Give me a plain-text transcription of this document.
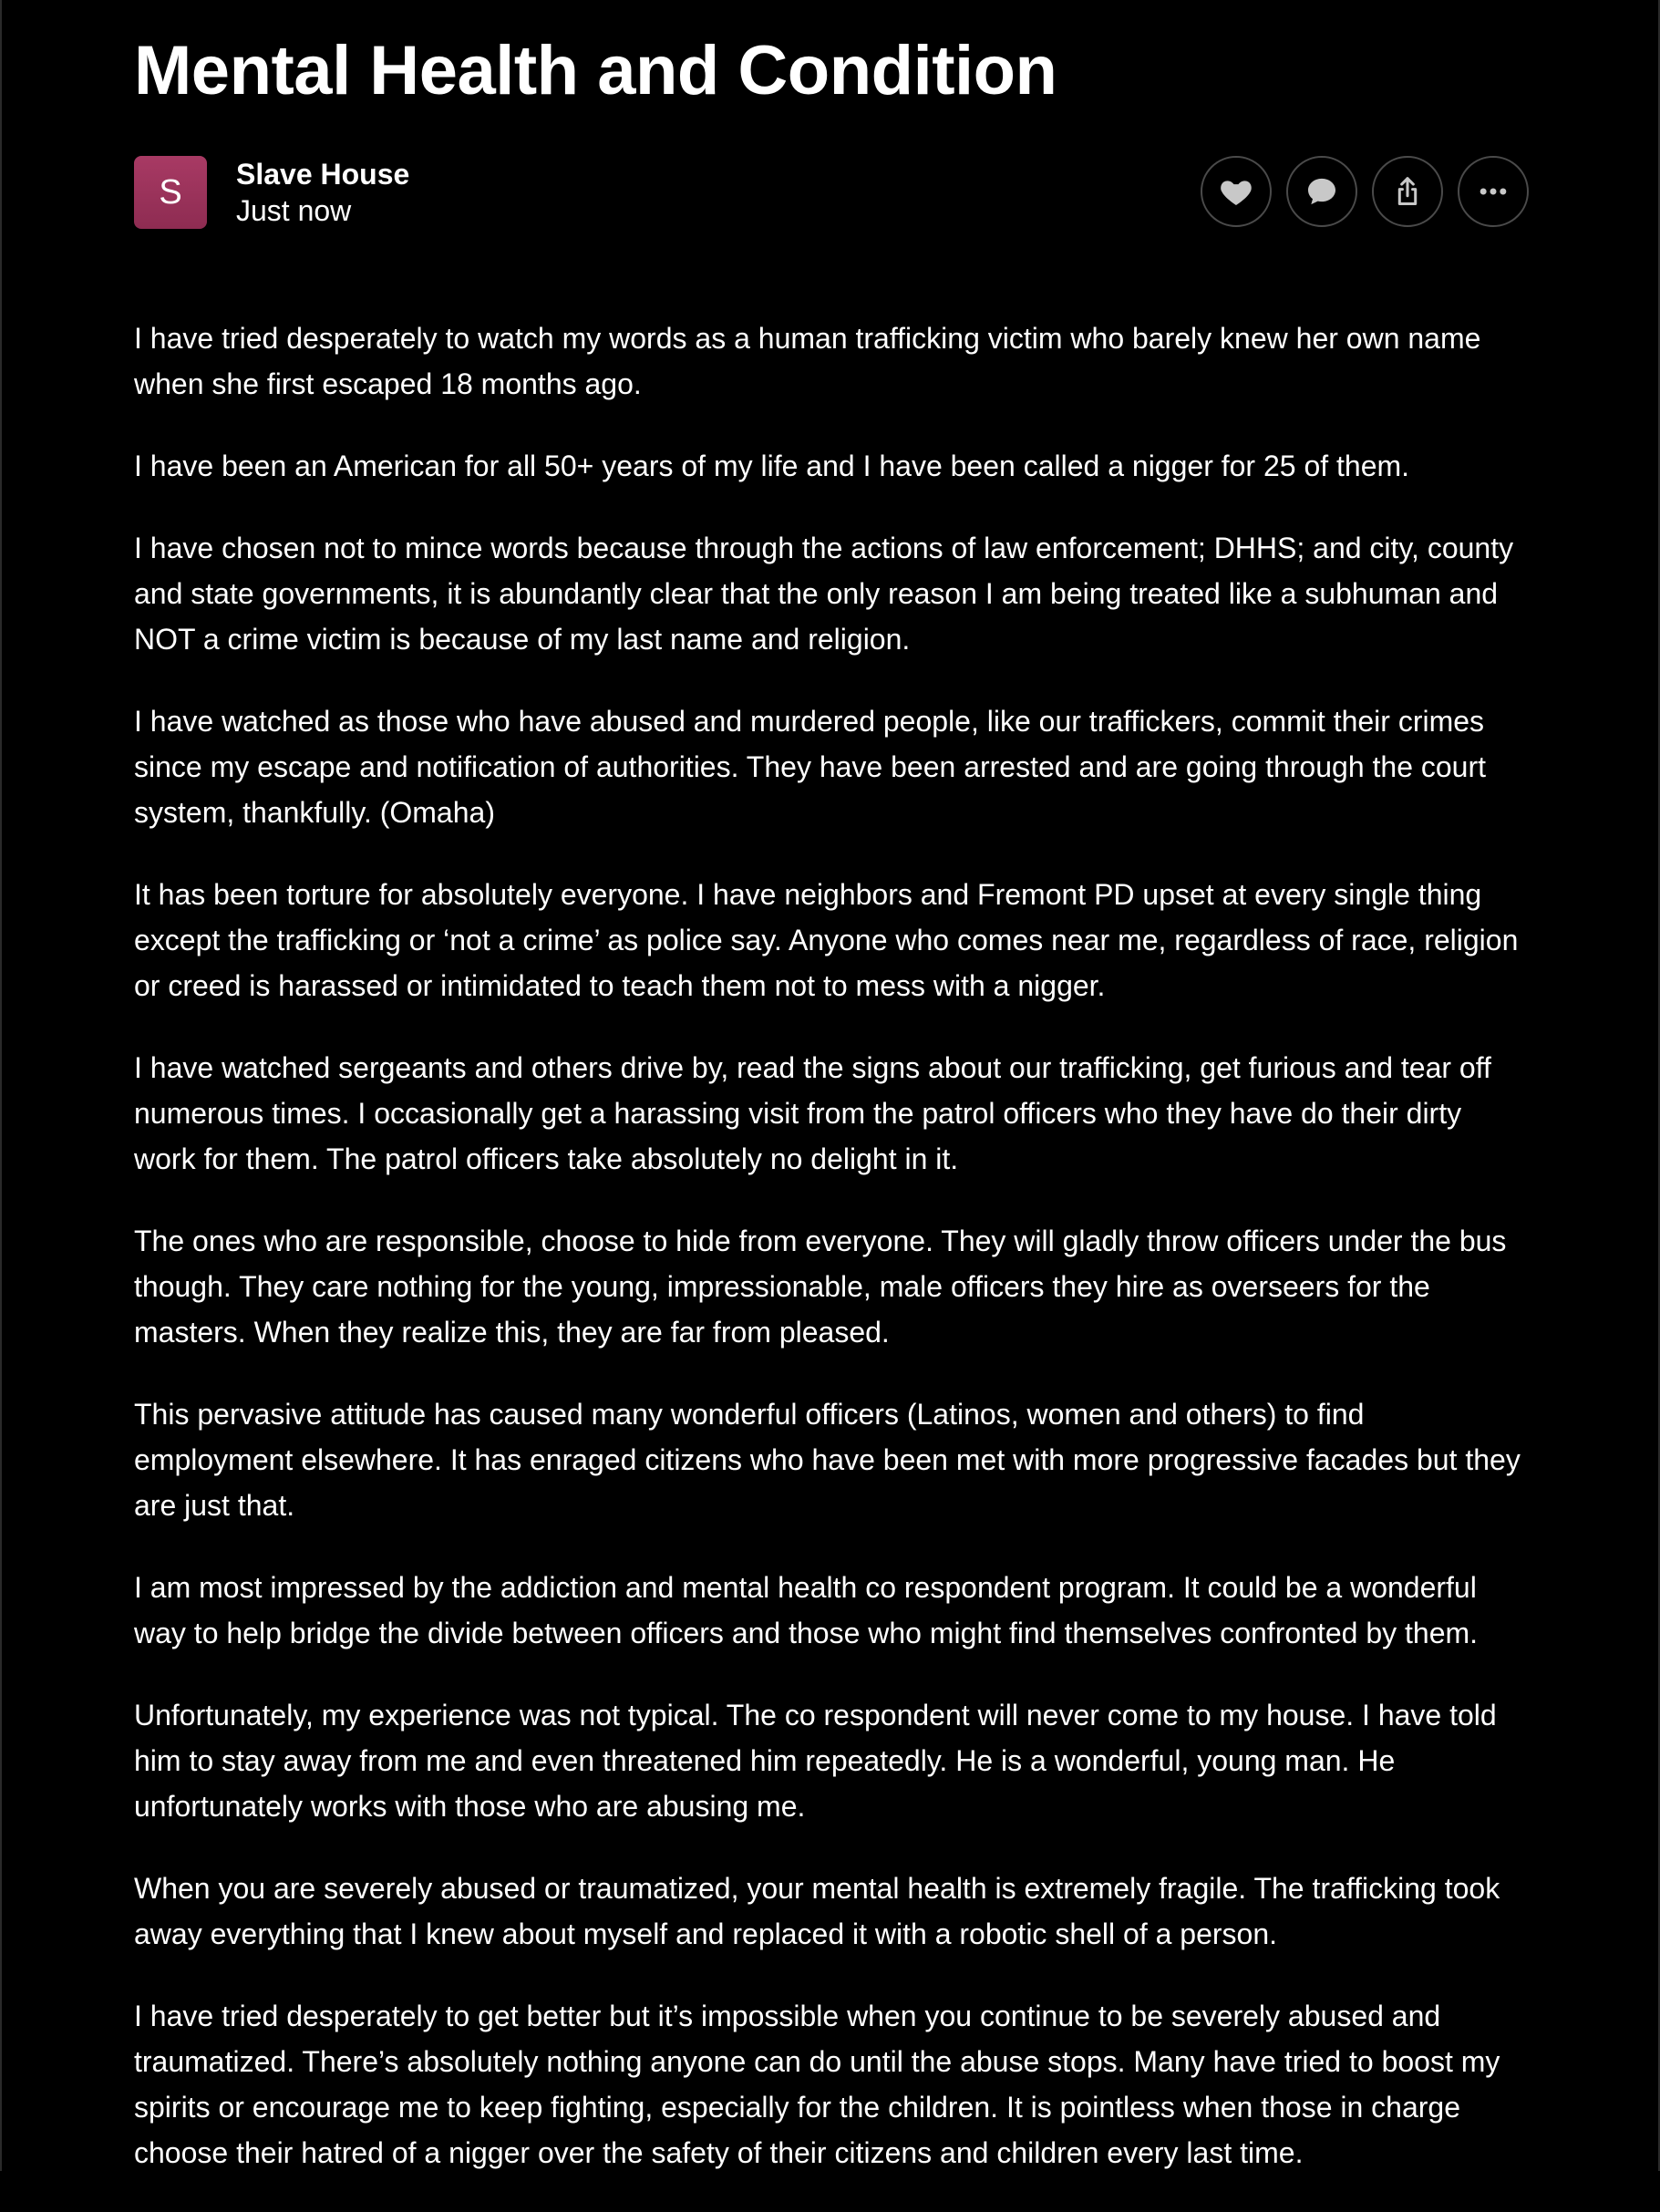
Mental Health and Condition
S	Slave House
Just now

I have tried desperately to watch my words as a human trafficking victim who barely knew her own name when she first escaped 18 months ago.

I have been an American for all 50+ years of my life and I have been called a nigger for 25 of them.

I have chosen not to mince words because through the actions of law enforcement; DHHS; and city, county and state governments, it is abundantly clear that the only reason I am being treated like a subhuman and NOT a crime victim is because of my last name and religion.

I have watched as those who have abused and murdered people, like our traffickers, commit their crimes since my escape and notification of authorities. They have been arrested and are going through the court system, thankfully. (Omaha)

It has been torture for absolutely everyone. I have neighbors and Fremont PD upset at every single thing except the trafficking or ‘not a crime’ as police say. Anyone who comes near me, regardless of race, religion or creed is harassed or intimidated to teach them not to mess with a nigger.

I have watched sergeants and others drive by, read the signs about our trafficking, get furious and tear off numerous times. I occasionally get a harassing visit from the patrol officers who they have do their dirty work for them. The patrol officers take absolutely no delight in it.

The ones who are responsible, choose to hide from everyone. They will gladly throw officers under the bus though. They care nothing for the young, impressionable, male officers they hire as overseers for the masters. When they realize this, they are far from pleased.

This pervasive attitude has caused many wonderful officers (Latinos, women and others) to find employment elsewhere. It has enraged citizens who have been met with more progressive facades but they are just that.

I am most impressed by the addiction and mental health co respondent program. It could be a wonderful way to help bridge the divide between officers and those who might find themselves confronted by them.

Unfortunately, my experience was not typical. The co respondent will never come to my house. I have told him to stay away from me and even threatened him repeatedly. He is a wonderful, young man. He unfortunately works with those who are abusing me.

When you are severely abused or traumatized, your mental health is extremely fragile. The trafficking took away everything that I knew about myself and replaced it with a robotic shell of a person.

I have tried desperately to get better but it’s impossible when you continue to be severely abused and traumatized. There’s absolutely nothing anyone can do until the abuse stops. Many have tried to boost my spirits or encourage me to keep fighting, especially for the children. It is pointless when those in charge choose their hatred of a nigger over the safety of their citizens and children every last time.
